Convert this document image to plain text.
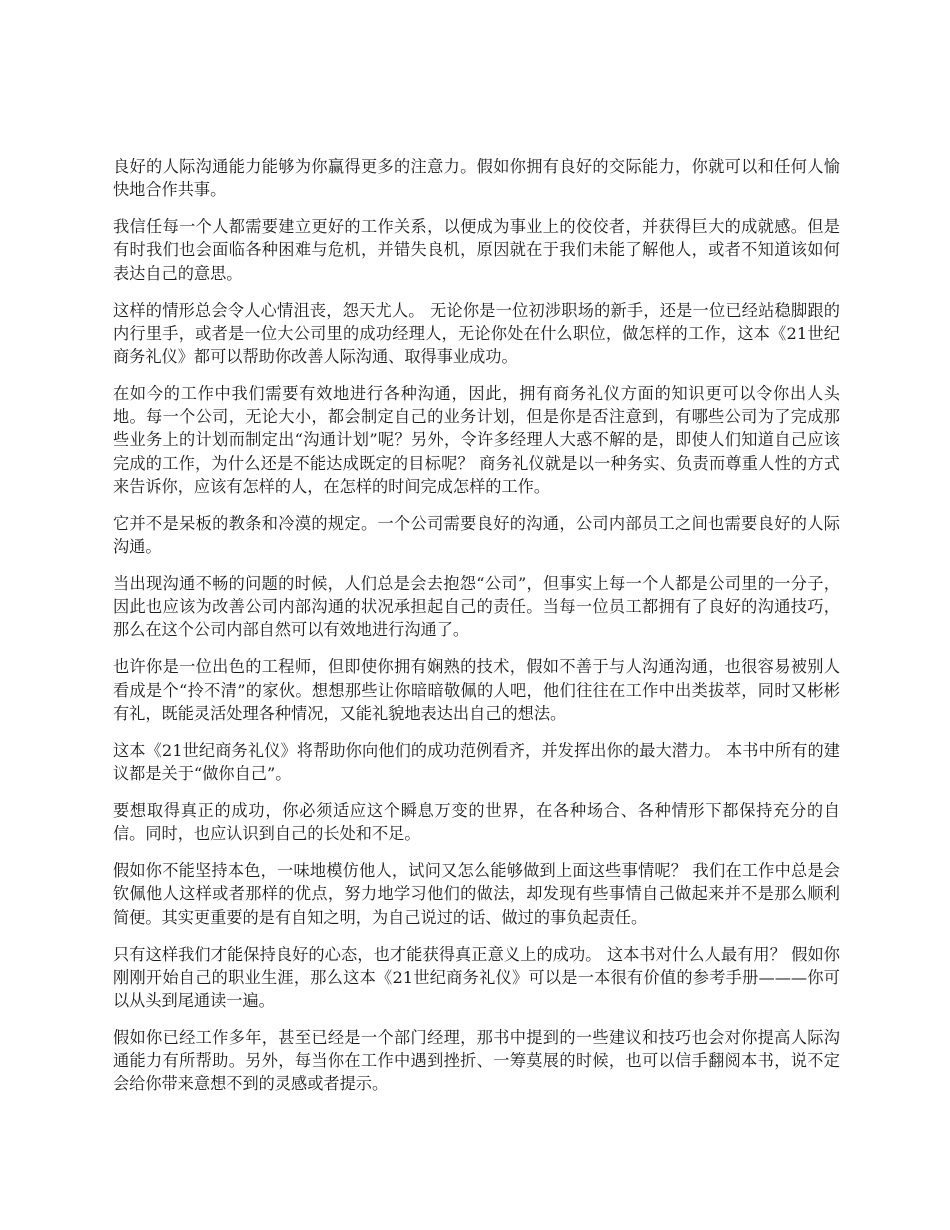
良好的人际沟通能力能够为你赢得更多的注意力。假如你拥有良好的交际能力，你就可以和任何人愉快地合作共事。

我信任每一个人都需要建立更好的工作关系，以便成为事业上的佼佼者，并获得巨大的成就感。但是有时我们也会面临各种困难与危机，并错失良机，原因就在于我们未能了解他人，或者不知道该如何表达自己的意思。

这样的情形总会令人心情沮丧，怨天尤人。 无论你是一位初涉职场的新手，还是一位已经站稳脚跟的内行里手，或者是一位大公司里的成功经理人，无论你处在什么职位，做怎样的工作，这本《21世纪商务礼仪》都可以帮助你改善人际沟通、取得事业成功。

在如今的工作中我们需要有效地进行各种沟通，因此，拥有商务礼仪方面的知识更可以令你出人头地。每一个公司，无论大小，都会制定自己的业务计划，但是你是否注意到，有哪些公司为了完成那些业务上的计划而制定出“沟通计划”呢？另外，令许多经理人大惑不解的是，即使人们知道自己应该完成的工作，为什么还是不能达成既定的目标呢？ 商务礼仪就是以一种务实、负责而尊重人性的方式来告诉你，应该有怎样的人，在怎样的时间完成怎样的工作。

它并不是呆板的教条和冷漠的规定。一个公司需要良好的沟通，公司内部员工之间也需要良好的人际沟通。

当出现沟通不畅的问题的时候，人们总是会去抱怨“公司”，但事实上每一个人都是公司里的一分子，因此也应该为改善公司内部沟通的状况承担起自己的责任。当每一位员工都拥有了良好的沟通技巧，那么在这个公司内部自然可以有效地进行沟通了。

也许你是一位出色的工程师，但即使你拥有娴熟的技术，假如不善于与人沟通沟通，也很容易被别人看成是个“拎不清”的家伙。想想那些让你暗暗敬佩的人吧，他们往往在工作中出类拔萃，同时又彬彬有礼，既能灵活处理各种情况，又能礼貌地表达出自己的想法。

这本《21世纪商务礼仪》将帮助你向他们的成功范例看齐，并发挥出你的最大潜力。 本书中所有的建议都是关于“做你自己”。

要想取得真正的成功，你必须适应这个瞬息万变的世界，在各种场合、各种情形下都保持充分的自信。同时，也应认识到自己的长处和不足。

假如你不能坚持本色，一味地模仿他人，试问又怎么能够做到上面这些事情呢？ 我们在工作中总是会钦佩他人这样或者那样的优点，努力地学习他们的做法，却发现有些事情自己做起来并不是那么顺利简便。其实更重要的是有自知之明，为自己说过的话、做过的事负起责任。

只有这样我们才能保持良好的心态，也才能获得真正意义上的成功。 这本书对什么人最有用？ 假如你刚刚开始自己的职业生涯，那么这本《21世纪商务礼仪》可以是一本很有价值的参考手册———你可以从头到尾通读一遍。

假如你已经工作多年，甚至已经是一个部门经理，那书中提到的一些建议和技巧也会对你提高人际沟通能力有所帮助。另外，每当你在工作中遇到挫折、一筹莫展的时候，也可以信手翻阅本书，说不定会给你带来意想不到的灵感或者提示。
